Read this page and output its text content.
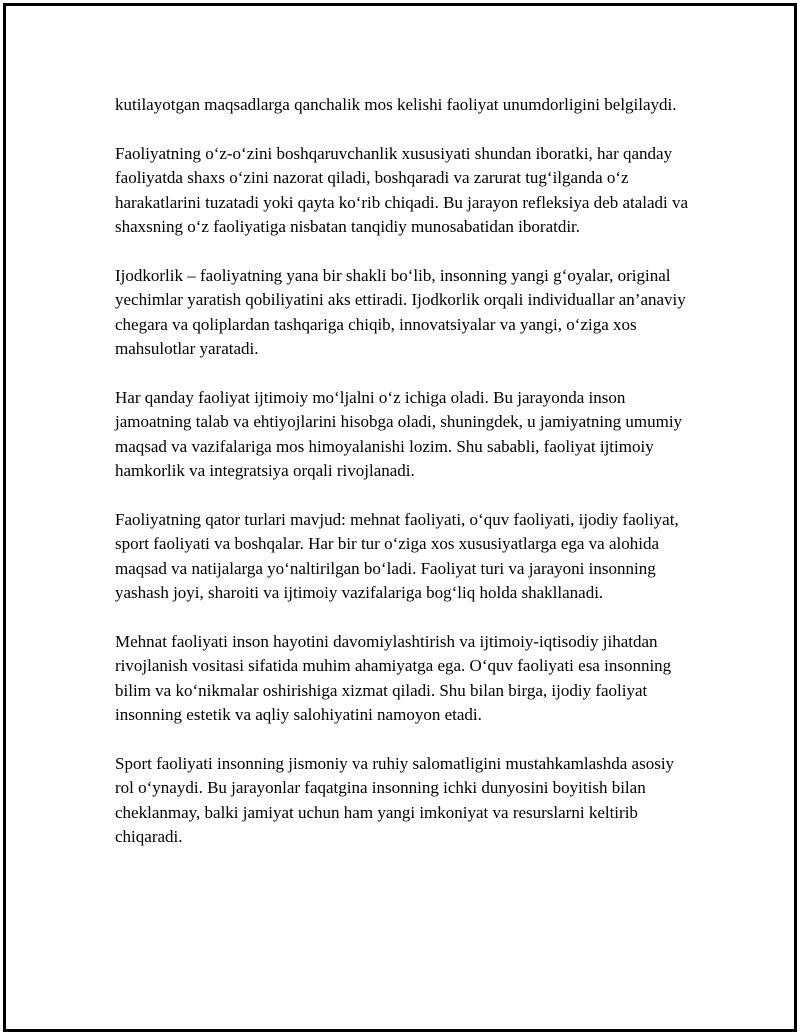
kutilayotgan maqsadlarga qanchalik mos kelishi faoliyat unumdorligini belgilaydi.

Faoliyatning o‘z-o‘zini boshqaruvchanlik xususiyati shundan iboratki, har qanday faoliyatda shaxs o‘zini nazorat qiladi, boshqaradi va zarurat tug‘ilganda o‘z harakatlarini tuzatadi yoki qayta ko‘rib chiqadi. Bu jarayon refleksiya deb ataladi va shaxsning o‘z faoliyatiga nisbatan tanqidiy munosabatidan iboratdir.

Ijodkorlik – faoliyatning yana bir shakli bo‘lib, insonning yangi g‘oyalar, original yechimlar yaratish qobiliyatini aks ettiradi. Ijodkorlik orqali individuallar an’anaviy chegara va qoliplardan tashqariga chiqib, innovatsiyalar va yangi, o‘ziga xos mahsulotlar yaratadi.

Har qanday faoliyat ijtimoiy mo‘ljalni o‘z ichiga oladi. Bu jarayonda inson jamoatning talab va ehtiyojlarini hisobga oladi, shuningdek, u jamiyatning umumiy maqsad va vazifalariga mos himoyalanishi lozim. Shu sababli, faoliyat ijtimoiy hamkorlik va integratsiya orqali rivojlanadi.

Faoliyatning qator turlari mavjud: mehnat faoliyati, o‘quv faoliyati, ijodiy faoliyat, sport faoliyati va boshqalar. Har bir tur o‘ziga xos xususiyatlarga ega va alohida maqsad va natijalarga yo‘naltirilgan bo‘ladi. Faoliyat turi va jarayoni insonning yashash joyi, sharoiti va ijtimoiy vazifalariga bog‘liq holda shakllanadi.

Mehnat faoliyati inson hayotini davomiylashtirish va ijtimoiy-iqtisodiy jihatdan rivojlanish vositasi sifatida muhim ahamiyatga ega. O‘quv faoliyati esa insonning bilim va ko‘nikmalar oshirishiga xizmat qiladi. Shu bilan birga, ijodiy faoliyat insonning estetik va aqliy salohiyatini namoyon etadi.

Sport faoliyati insonning jismoniy va ruhiy salomatligini mustahkamlashda asosiy rol o‘ynaydi. Bu jarayonlar faqatgina insonning ichki dunyosini boyitish bilan cheklanmay, balki jamiyat uchun ham yangi imkoniyat va resurslarni keltirib chiqaradi.
